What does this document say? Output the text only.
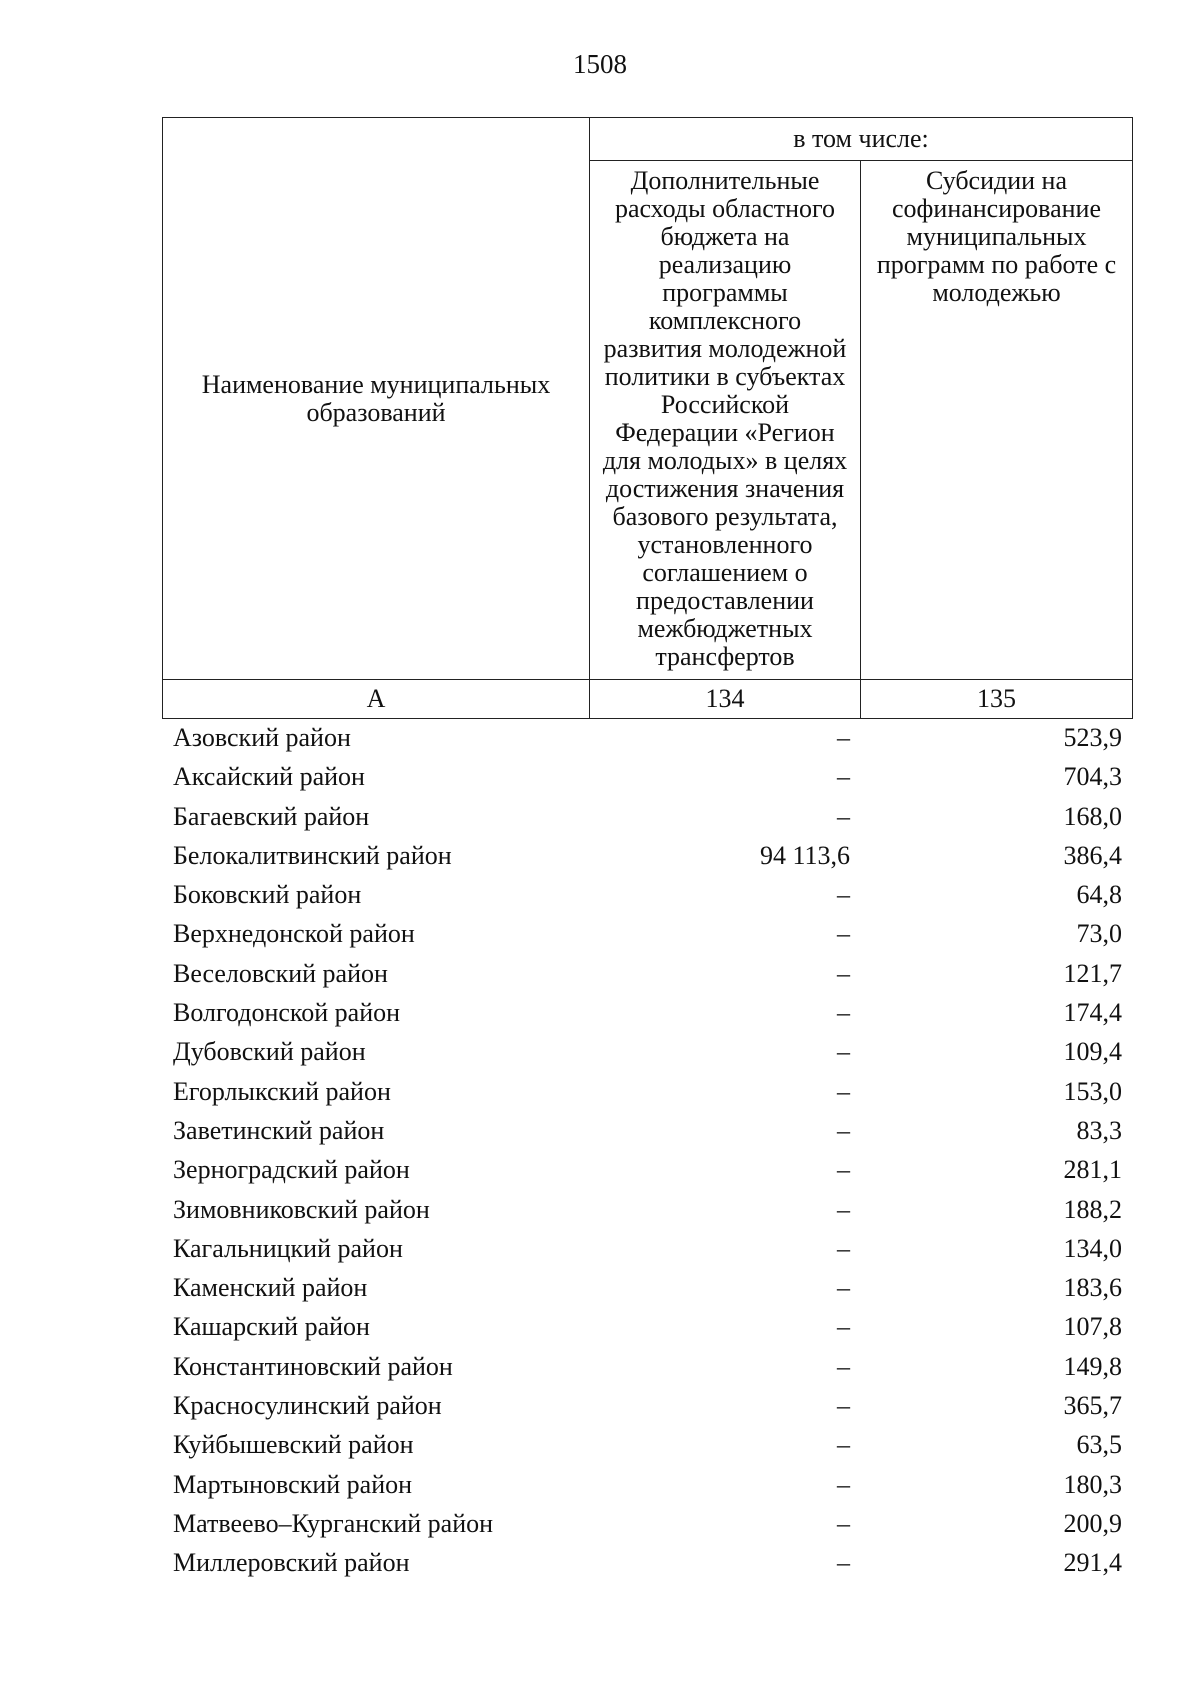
1508
Наименование муниципальных образований	в том числе:	
	Дополнительные расходы областного бюджета на реализацию программы комплексного развития молодежной политики в субъектах Российской Федерации «Регион для молодых» в целях достижения значения базового результата, установленного соглашением о предоставлении межбюджетных трансфертов	Субсидии на софинансирование муниципальных программ по работе с молодежью
А	134	135
Азовский район	–	523,9
Аксайский район	–	704,3
Багаевский район	–	168,0
Белокалитвинский район	94 113,6	386,4
Боковский район	–	64,8
Верхнедонской район	–	73,0
Веселовский район	–	121,7
Волгодонской район	–	174,4
Дубовский район	–	109,4
Егорлыкский район	–	153,0
Заветинский район	–	83,3
Зерноградский район	–	281,1
Зимовниковский район	–	188,2
Кагальницкий район	–	134,0
Каменский район	–	183,6
Кашарский район	–	107,8
Константиновский район	–	149,8
Красносулинский район	–	365,7
Куйбышевский район	–	63,5
Мартыновский район	–	180,3
Матвеево–Курганский район	–	200,9
Миллеровский район	–	291,4
